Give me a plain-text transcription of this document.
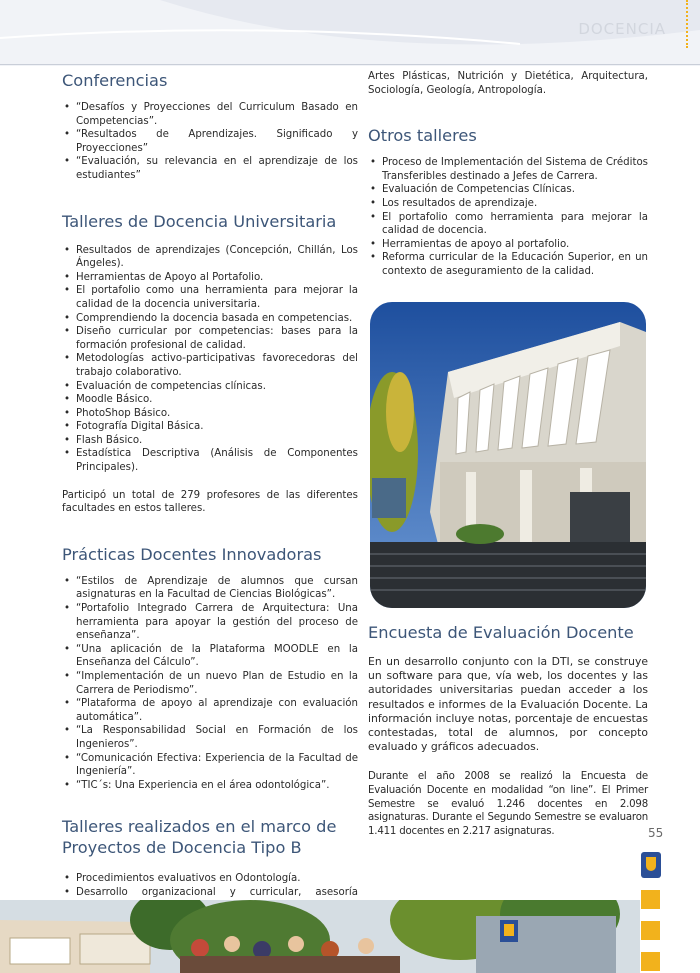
DOCENCIA
Conferencias
• “Desafíos y Proyecciones del Curriculum Basado en Competencias”.
• “Resultados de Aprendizajes. Significado y Proyecciones”
• “Evaluación, su relevancia en el aprendizaje de los estudiantes”
Talleres de Docencia Universitaria
• Resultados de aprendizajes (Concepción, Chillán, Los Ángeles).
• Herramientas de Apoyo al Portafolio.
• El portafolio como una herramienta para mejorar la calidad de la docencia universitaria.
• Comprendiendo la docencia basada en competencias.
• Diseño curricular por competencias: bases para la formación profesional de calidad.
• Metodologías activo-participativas favorecedoras del trabajo colaborativo.
• Evaluación de competencias clínicas.
• Moodle Básico.
• PhotoShop Básico.
• Fotografía Digital Básica.
• Flash Básico.
• Estadística Descriptiva (Análisis de Componentes Principales).

Participó un total de 279 profesores de las diferentes facultades en estos talleres.

Prácticas Docentes Innovadoras
• “Estilos de Aprendizaje de alumnos que cursan asignaturas en la Facultad de Ciencias Biológicas”.
• “Portafolio Integrado Carrera de Arquitectura: Una herramienta para apoyar la gestión del proceso de enseñanza”.
• “Una aplicación de la Plataforma MOODLE en la Enseñanza del Cálculo”.
• “Implementación de un nuevo Plan de Estudio en la Carrera de Periodismo”.
• “Plataforma de apoyo al aprendizaje con evaluación automática”.
• “La Responsabilidad Social en Formación de los Ingenieros”.
• “Comunicación Efectiva: Experiencia de la Facultad de Ingeniería”.
• “TIC´s: Una Experiencia en el área odontológica”.
Talleres realizados en el marco de
Proyectos de Docencia Tipo B
• Procedimientos evaluativos en Odontología.
• Desarrollo organizacional y curricular, asesoría

Artes Plásticas, Nutrición y Dietética, Arquitectura, Sociología, Geología, Antropología.

Otros talleres
• Proceso de Implementación del Sistema de Créditos Transferibles destinado a Jefes de Carrera.
• Evaluación de Competencias Clínicas.
• Los resultados de aprendizaje.
• El portafolio como herramienta para mejorar la calidad de docencia.
• Herramientas de apoyo al portafolio.
• Reforma curricular de la Educación Superior, en un contexto de aseguramiento de la calidad.
Encuesta de Evaluación Docente

En un desarrollo conjunto con la DTI, se construye un software para que, vía web, los docentes y las autoridades universitarias puedan acceder a los resultados e informes de la Evaluación Docente. La información incluye notas, porcentaje de encuestas contestadas, total de alumnos, por concepto evaluado y gráficos adecuados.

Durante el año 2008 se realizó la Encuesta de Evaluación Docente en modalidad “on line”. El Primer Semestre se evaluó 1.246 docentes en 2.098 asignaturas. Durante el Segundo Semestre se evaluaron 1.411 docentes en 2.217 asignaturas.	55
